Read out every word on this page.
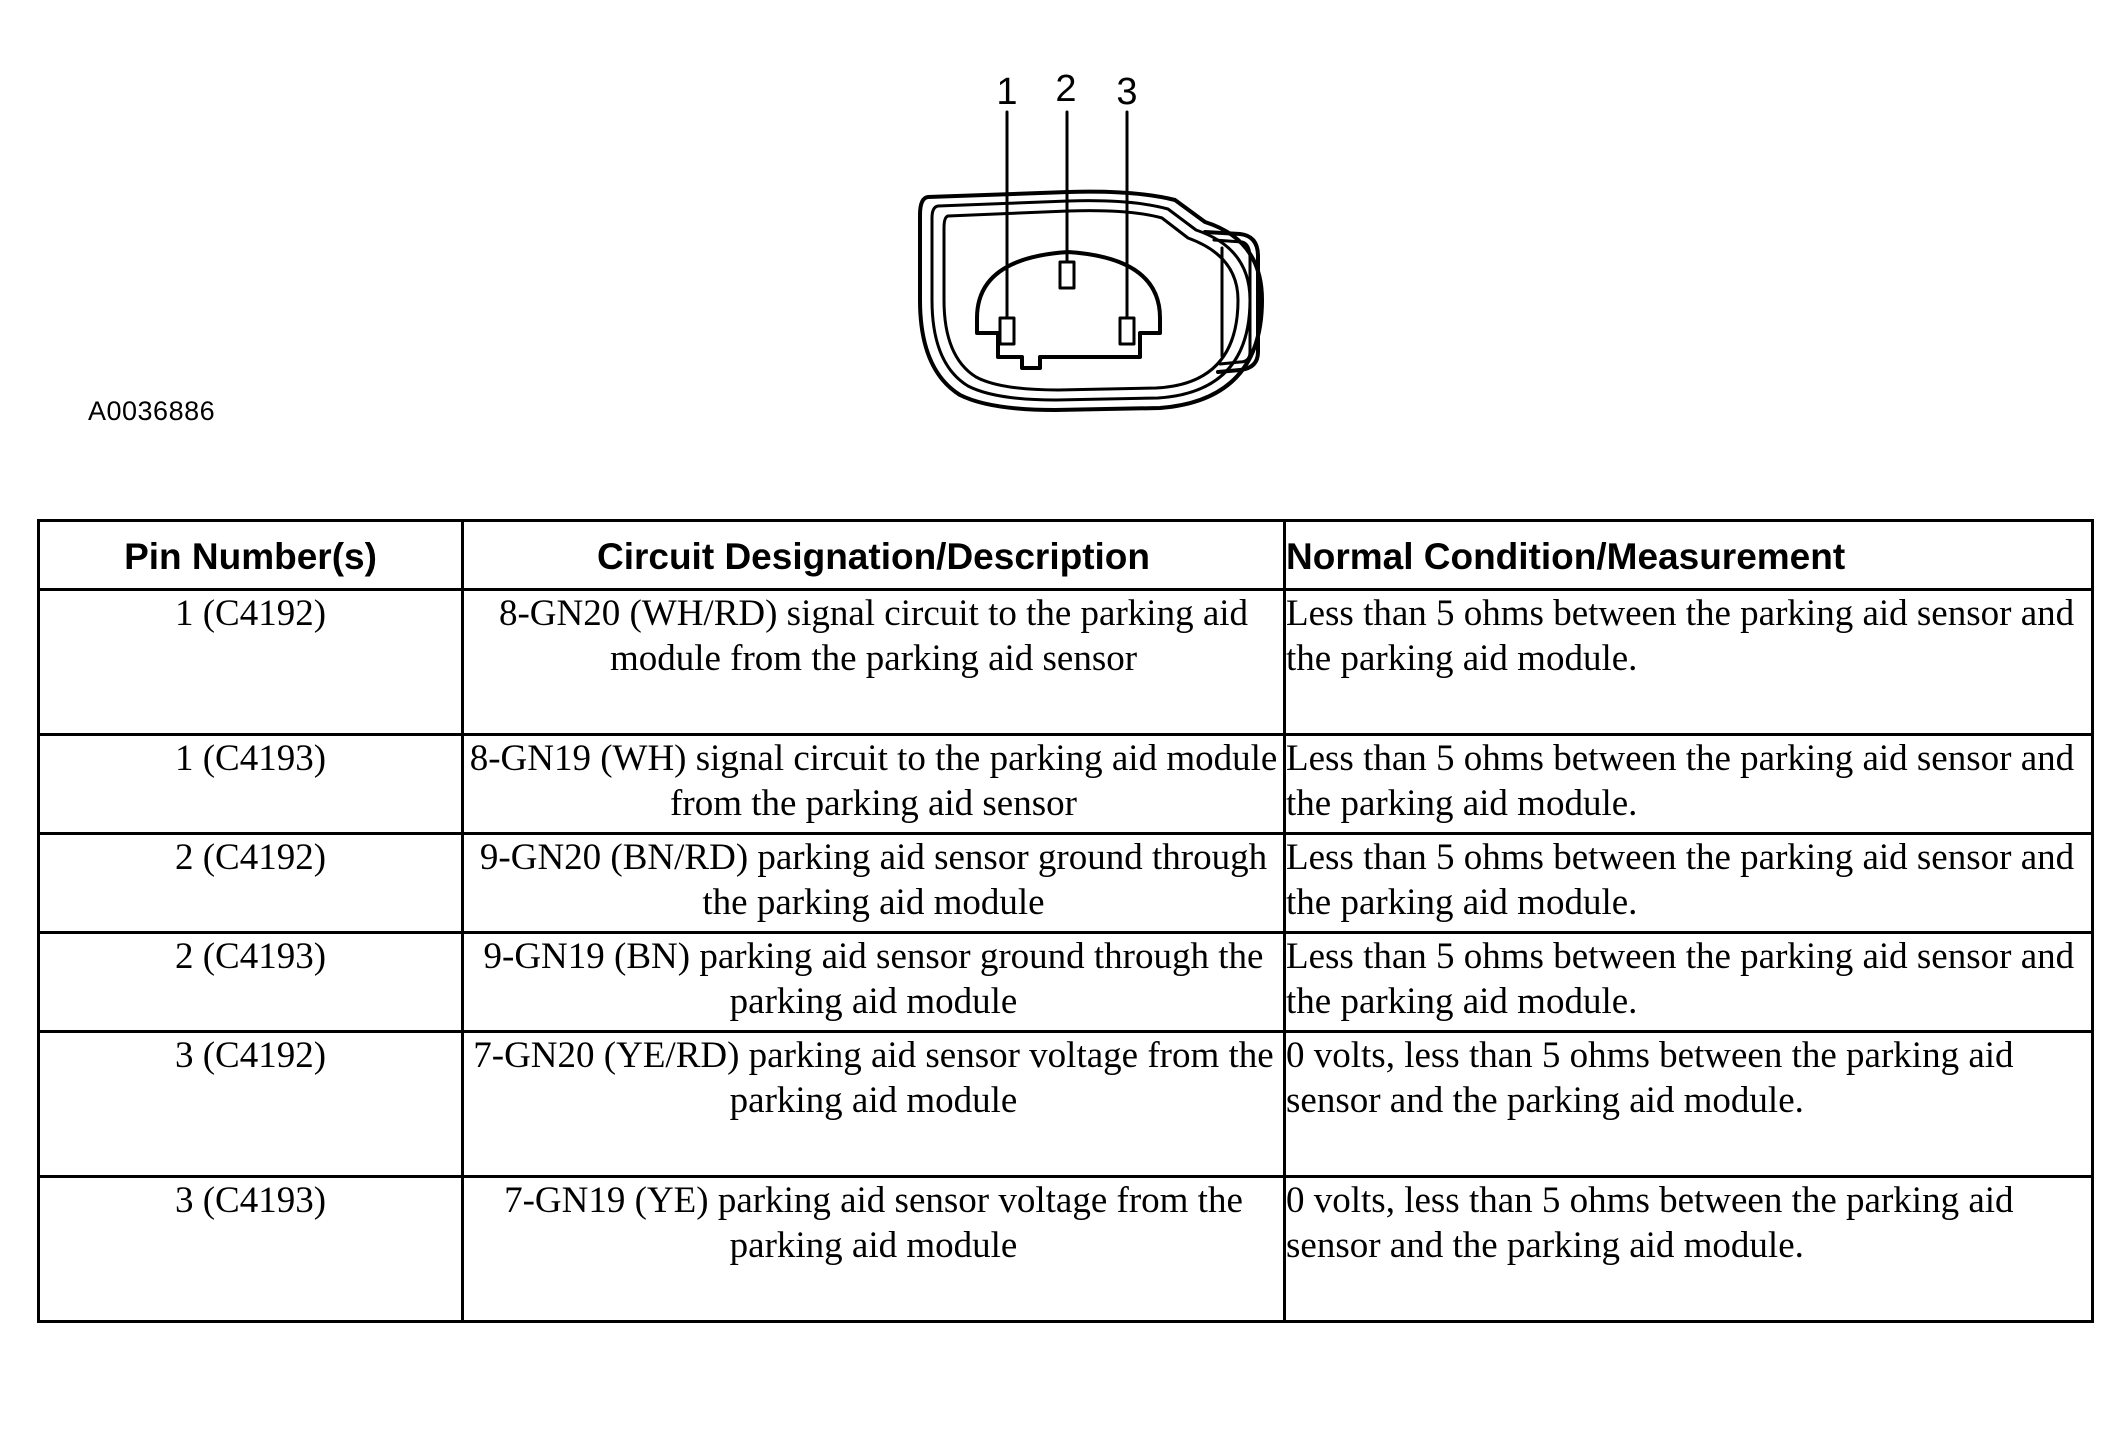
1 2 3
A0036886
Pin Number(s)	Circuit Designation/Description	Normal Condition/Measurement
1 (C4192)	8-GN20 (WH/RD) signal circuit to the parking aid module from the parking aid sensor	Less than 5 ohms between the parking aid sensor and the parking aid module.
1 (C4193)	8-GN19 (WH) signal circuit to the parking aid module from the parking aid sensor	Less than 5 ohms between the parking aid sensor and the parking aid module.
2 (C4192)	9-GN20 (BN/RD) parking aid sensor ground through the parking aid module	Less than 5 ohms between the parking aid sensor and the parking aid module.
2 (C4193)	9-GN19 (BN) parking aid sensor ground through the parking aid module	Less than 5 ohms between the parking aid sensor and the parking aid module.
3 (C4192)	7-GN20 (YE/RD) parking aid sensor voltage from the parking aid module	0 volts, less than 5 ohms between the parking aid sensor and the parking aid module.
3 (C4193)	7-GN19 (YE) parking aid sensor voltage from the parking aid module	0 volts, less than 5 ohms between the parking aid sensor and the parking aid module.
